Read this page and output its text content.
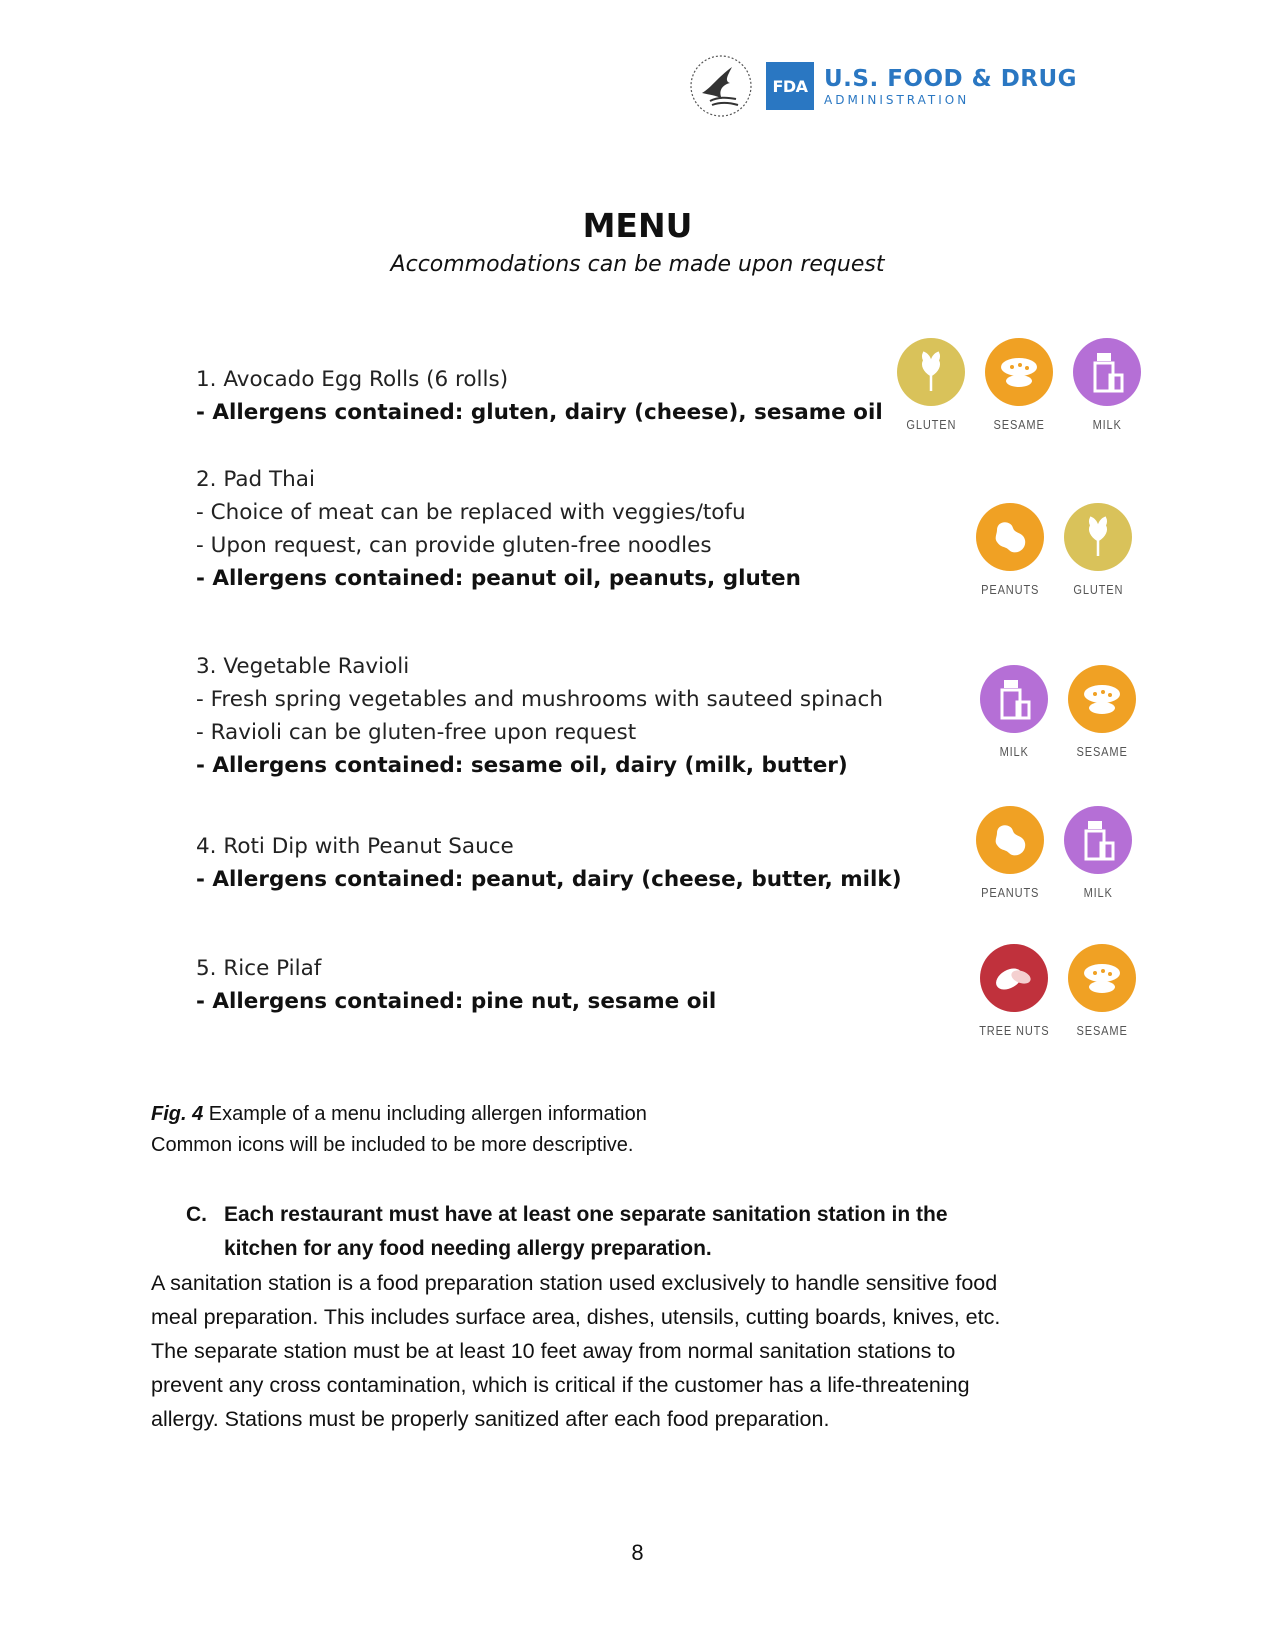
FDA U.S. FOOD & DRUG
ADMINISTRATION
MENU
Accommodations can be made upon request
1. Avocado Egg Rolls (6 rolls)
- Allergens contained: gluten, dairy (cheese), sesame oil	GLUTEN	SESAME	MILK
2. Pad Thai
- Choice of meat can be replaced with veggies/tofu
- Upon request, can provide gluten-free noodles
- Allergens contained: peanut oil, peanuts, gluten	PEANUTS	GLUTEN
3. Vegetable Ravioli
- Fresh spring vegetables and mushrooms with sauteed spinach
- Ravioli can be gluten-free upon request
- Allergens contained: sesame oil, dairy (milk, butter)
MILK	SESAME
4. Roti Dip with Peanut Sauce
- Allergens contained: peanut, dairy (cheese, butter, milk)
PEANUTS	MILK
5. Rice Pilaf
- Allergens contained: pine nut, sesame oil
TREE NUTS SESAME
Fig. 4 Example of a menu including allergen information
Common icons will be included to be more descriptive.
C. Each restaurant must have at least one separate sanitation station in the
kitchen for any food needing allergy preparation.
A sanitation station is a food preparation station used exclusively to handle sensitive food
meal preparation. This includes surface area, dishes, utensils, cutting boards, knives, etc.
The separate station must be at least 10 feet away from normal sanitation stations to
prevent any cross contamination, which is critical if the customer has a life-threatening
allergy. Stations must be properly sanitized after each food preparation.
8
